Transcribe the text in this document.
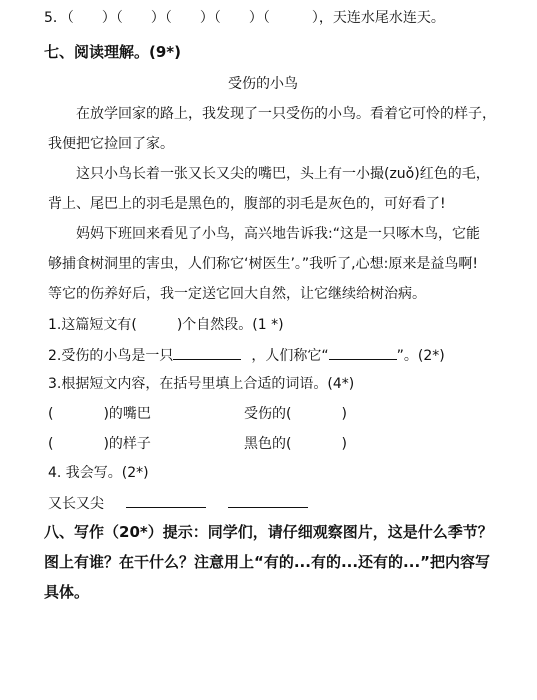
5．（　　）（　　）（　　）（　　）（　　　），天连水尾水连天。
七、阅读理解。(9*)
受伤的小鸟
在放学回家的路上，我发现了一只受伤的小鸟。看着它可怜的样子，
我便把它捡回了家。
这只小鸟长着一张又长又尖的嘴巴，头上有一小撮(zuǒ)红色的毛，
背上、尾巴上的羽毛是黑色的，腹部的羽毛是灰色的，可好看了!
妈妈下班回来看见了小鸟，高兴地告诉我:“这是一只啄木鸟，它能
够捕食树洞里的害虫，人们称它‘树医生’。”我听了,心想:原来是益鸟啊!
等它的伤养好后，我一定送它回大自然，让它继续给树治病。
1.这篇短文有(	)个自然段。(1 *)
2.受伤的小鸟是一只	，人们称它“	”。(2*)
3.根据短文内容，在括号里填上合适的词语。(4*)
(	)的嘴巴	受伤的(	)
(	)的样子	黑色的(	)
4. 我会写。(2*)
又长又尖
八、写作（20*）提示：同学们，请仔细观察图片，这是什么季节？
图上有谁？在干什么？注意用上“有的...有的...还有的...”把内容写
具体。
